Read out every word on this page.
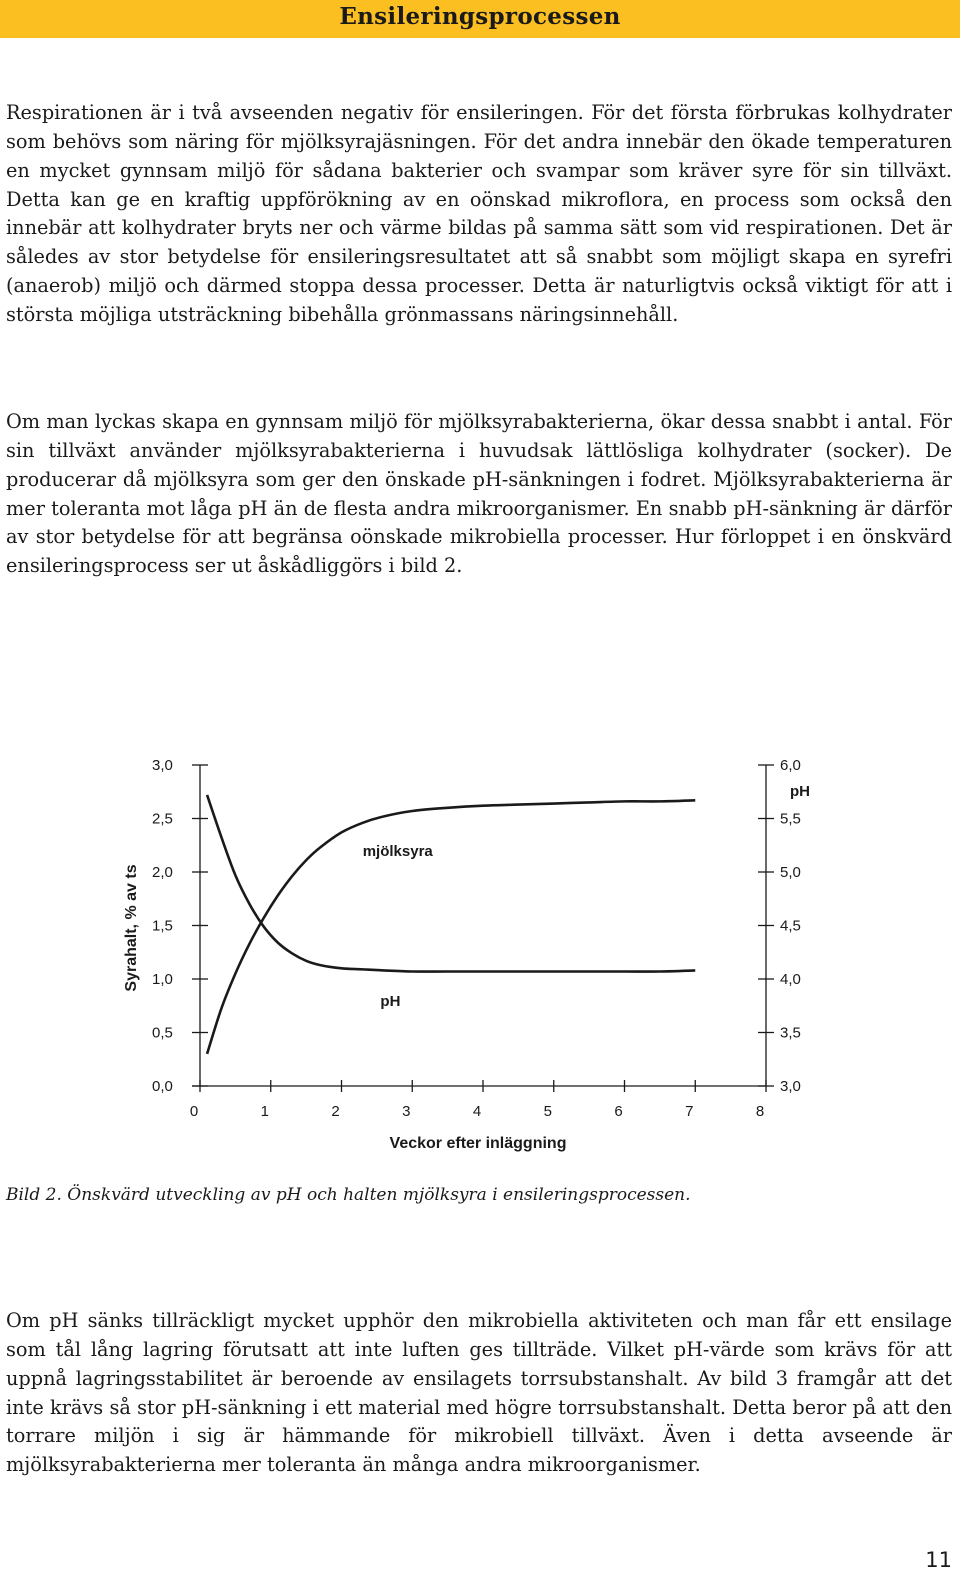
Ensileringsprocessen

Respirationen är i två avseenden negativ för ensileringen. För det första förbrukas kolhydrater som behövs som näring för mjölksyrajäsningen. För det andra innebär den ökade temperaturen en mycket gynnsam miljö för sådana bakterier och svampar som kräver syre för sin tillväxt. Detta kan ge en kraftig uppförökning av en oönskad mikroflora, en process som också den innebär att kolhydrater bryts ner och värme bildas på samma sätt som vid respirationen. Det är således av stor betydelse för ensileringsresultatet att så snabbt som möjligt skapa en syrefri (anaerob) miljö och därmed stoppa dessa processer. Detta är naturligtvis också viktigt för att i största möjliga utsträckning bibehålla grönmassans näringsinnehåll.

Om man lyckas skapa en gynnsam miljö för mjölksyrabakterierna, ökar dessa snabbt i antal. För sin tillväxt använder mjölksyrabakterierna i huvudsak lättlösliga kolhydrater (socker). De producerar då mjölksyra som ger den önskade pH-sänkningen i fodret. Mjölksyrabakterierna är mer toleranta mot låga pH än de flesta andra mikroorganismer. En snabb pH-sänkning är därför av stor betydelse för att begränsa oönskade mikrobiella processer. Hur förloppet i en önskvärd ensileringsprocess ser ut åskådliggörs i bild 2.

0	1	2	3	4	5	6	7	8
0,0
0,5
1,0
1,5
2,0
2,5
3,0
3,0
3,5
4,0
4,5
5,0
5,5
6,0
mjölksyra
pH
Veckor efter inläggning
Syrahalt, % av ts
pH
Bild 2. Önskvärd utveckling av pH och halten mjölksyra i ensileringsprocessen.

Om pH sänks tillräckligt mycket upphör den mikrobiella aktiviteten och man får ett ensilage som tål lång lagring förutsatt att inte luften ges tillträde. Vilket pH-värde som krävs för att uppnå lagringsstabilitet är beroende av ensilagets torrsubstanshalt. Av bild 3 framgår att det inte krävs så stor pH-sänkning i ett material med högre torrsubstanshalt. Detta beror på att den torrare miljön i sig är hämmande för mikrobiell tillväxt. Även i detta avseende är mjölksyrabakterierna mer toleranta än många andra mikroorganismer.

11
